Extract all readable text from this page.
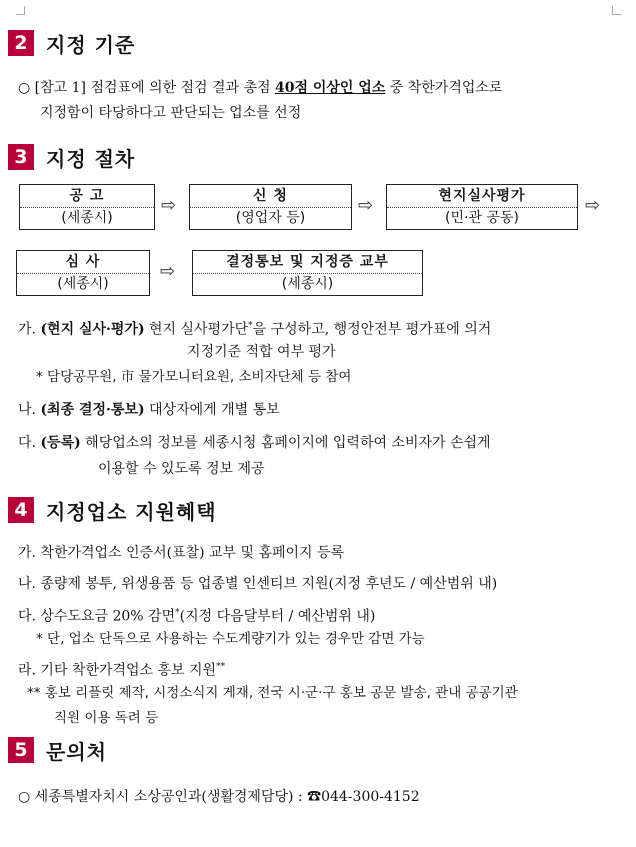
2 지정 기준
○ [참고 1] 점검표에 의한 점검 결과 총점 40점 이상인 업소 중 착한가격업소로
지정함이 타당하다고 판단되는 업소를 선정
3 지정 절차
공 고
(세종시)
⇨	신 청
(영업자 등)
⇨	현지실사평가
(민·관 공동)
⇨
심 사
(세종시)
⇨	결정통보 및 지정증 교부
(세종시)
가. (현지 실사·평가) 현지 실사평가단*을 구성하고, 행정안전부 평가표에 의거
지정기준 적합 여부 평가
* 담당공무원, 市 물가모니터요원, 소비자단체 등 참여
나. (최종 결정·통보) 대상자에게 개별 통보
다. (등록) 해당업소의 정보를 세종시청 홈페이지에 입력하여 소비자가 손쉽게
이용할 수 있도록 정보 제공
4 지정업소 지원혜택
가. 착한가격업소 인증서(표찰) 교부 및 홈페이지 등록
나. 종량제 봉투, 위생용품 등 업종별 인센티브 지원(지정 후년도 / 예산범위 내)
다. 상수도요금 20% 감면*(지정 다음달부터 / 예산범위 내)
* 단, 업소 단독으로 사용하는 수도계량기가 있는 경우만 감면 가능
라. 기타 착한가격업소 홍보 지원**
** 홍보 리플릿 제작, 시정소식지 게재, 전국 시·군·구 홍보 공문 발송, 관내 공공기관
직원 이용 독려 등
5 문의처
○ 세종특별자치시 소상공인과(생활경제담당) : ☎044-300-4152
